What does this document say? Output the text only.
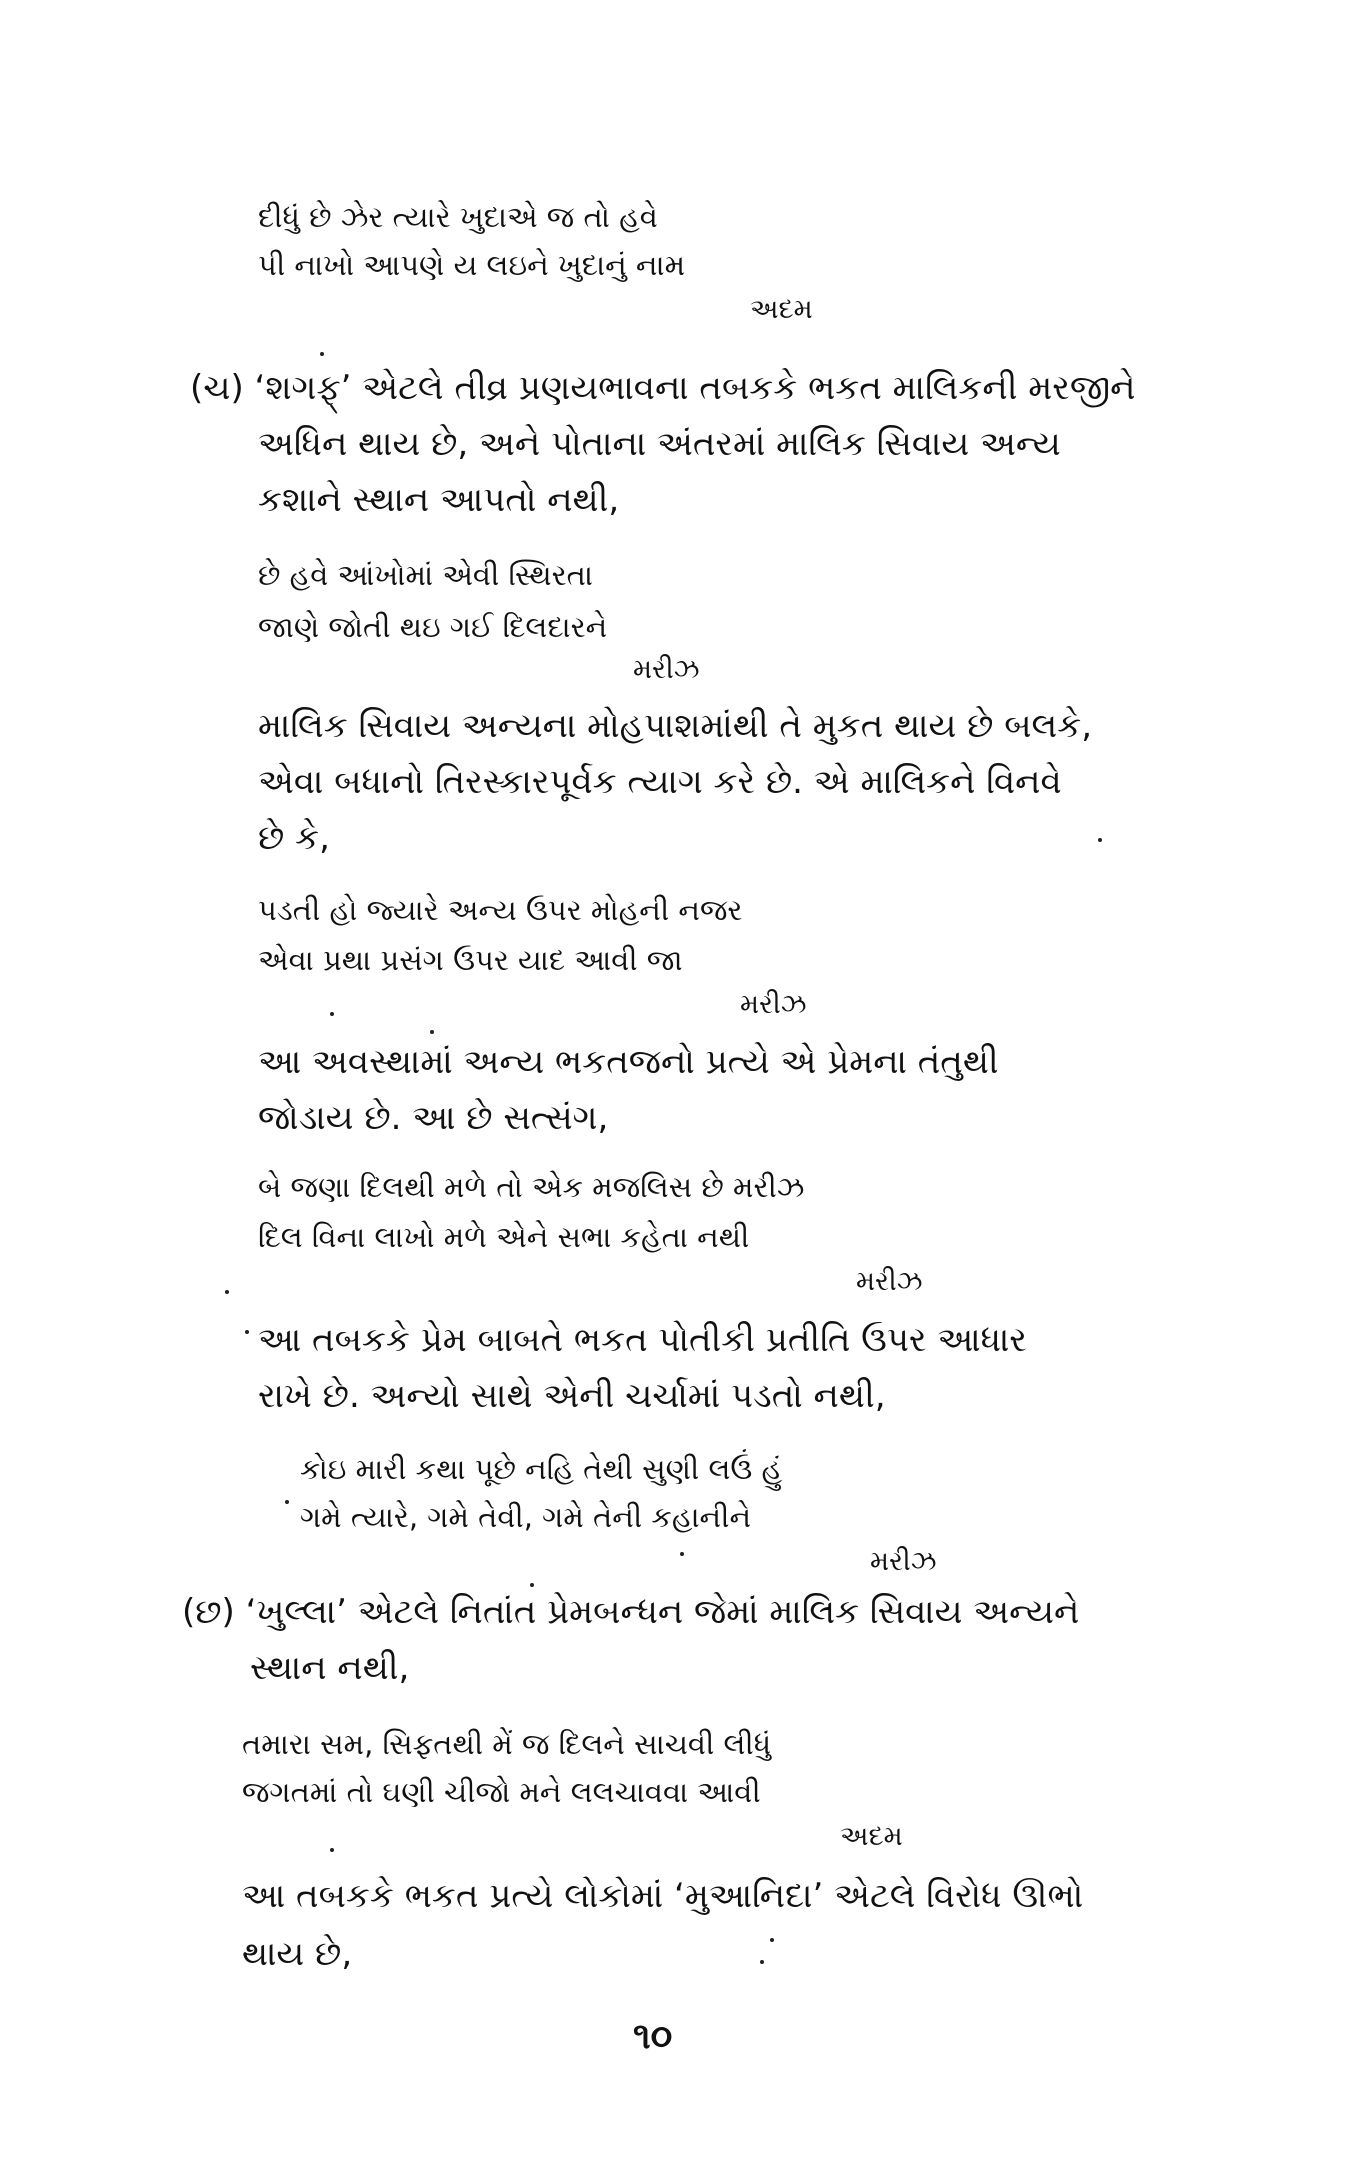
દીધું છે ઝેર ત્યારે ખુદાએ જ તો હવે
પી નાખો આપણે ય લઇને ખુદાનું નામ
અદમ
(ચ) ‘શગફ્’ એટલે તીવ્ર પ્રણયભાવના તબકકે ભકત માલિકની મરજીને
અધિન થાય છે, અને પોતાના અંતરમાં માલિક સિવાય અન્ય
કશાને સ્થાન આપતો નથી,
છે હવે આંખોમાં એવી સ્થિરતા
જાણે જોતી થઇ ગઈ દિલદારને
મરીઝ
માલિક સિવાય અન્યના મોહપાશમાંથી તે મુકત થાય છે બલકે,
એવા બધાનો તિરસ્કારપૂર્વક ત્યાગ કરે છે. એ માલિકને વિનવે
છે કે,
પડતી હો જ્યારે અન્ય ઉપર મોહની નજર
એવા પ્રથા પ્રસંગ ઉપર યાદ આવી જા
મરીઝ
આ અવસ્થામાં અન્ય ભકતજનો પ્રત્યે એ પ્રેમના તંતુથી
જોડાય છે. આ છે સત્સંગ,
બે જણા દિલથી મળે તો એક મજલિસ છે મરીઝ
દિલ વિના લાખો મળે એને સભા કહેતા નથી
મરીઝ
આ તબકકે પ્રેમ બાબતે ભકત પોતીકી પ્રતીતિ ઉપર આધાર
રાખે છે. અન્યો સાથે એની ચર્ચામાં પડતો નથી,
કોઇ મારી કથા પૂછે નહિ તેથી સુણી લઉં હું
ગમે ત્યારે, ગમે તેવી, ગમે તેની કહાનીને
મરીઝ
(છ) ‘ખુલ્લા’ એટલે નિતાંત પ્રેમબન્ધન જેમાં માલિક સિવાય અન્યને
સ્થાન નથી,
તમારા સમ, સિફતથી મેં જ દિલને સાચવી લીધું
જગતમાં તો ઘણી ચીજો મને લલચાવવા આવી
અદમ
આ તબકકે ભકત પ્રત્યે લોકોમાં ‘મુઆનિદા’ એટલે વિરોધ ઊભો
થાય છે,
૧૦
